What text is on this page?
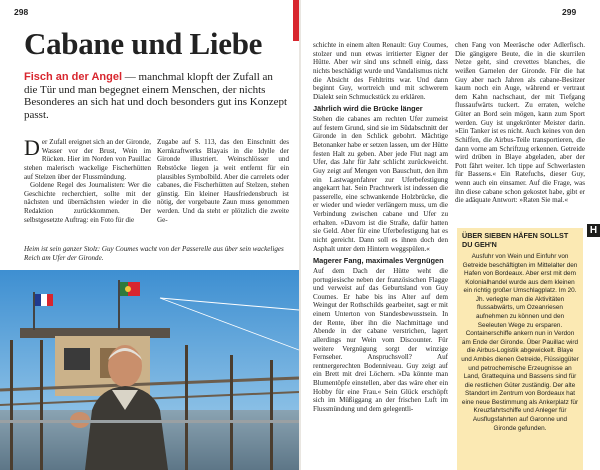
298
Cabane und Liebe

Fisch an der Angel — manchmal klopft der Zufall an die Tür und man begegnet einem Menschen, der nichts Besonderes an sich hat und doch besonders gut ins Konzept passt.

Der Zufall ereignet sich an der Gironde, Wasser vor der Brust, Wein im Rücken. Hier im Norden von Pauillac stehen malerisch wackelige Fischerhütten auf Stelzen über der Flussmündung.

Goldene Regel des Journalisten: Wer die Geschichte recherchiert, sollte mit der nächsten und übernächsten wieder in die Redaktion zurückkommen. Der selbstgesetzte Auftrag: ein Foto für die

Zugabe auf S. 113, das den Einschnitt des Kernkraftwerks Blayais in die Idylle der Gironde illustriert. Weinschlösser und Rebstöcke liegen ja weit entfernt für ein plausibles Symbolbild. Aber die carrelets oder cabanes, die Fischerhütten auf Stelzen, stehen günstig. Ein kleiner Hausfriedensbruch ist nötig, der vorgebaute Zaun muss genommen werden. Und da steht er plötzlich die zweite Ge-

Heim ist sein ganzer Stolz: Guy Coumes wacht von der Passerelle aus über sein wackeliges Reich am Ufer der Gironde.

299

schichte in einem alten Renault: Guy Coumes, stolzer und nun etwas irritierter Eigner der Hütte. Aber wir sind uns schnell einig, dass nichts beschädigt wurde und Vandalismus nicht die Absicht des Fehltritts war. Und dann beginnt Guy, wortreich und mit schwerem Dialekt sein Schmuckstück zu erklären.

Jährlich wird die Brücke länger

Stehen die cabanes am rechten Ufer zumeist auf festem Grund, sind sie im Südabschnitt der Gironde in den Schlick gebohrt. Mächtige Betonanker habe er setzen lassen, um der Hütte festen Halt zu geben. Aber jede Flut nagt am Ufer, das Jahr für Jahr schlicht zurückweicht. Guy zeigt auf Mengen von Bauschutt, den ihm ein Lastwagenfahrer zur Uferbefestigung angekarrt hat. Sein Prachtwerk ist indessen die passerelle, eine schwankende Holzbrücke, die er wieder und wieder verlängern muss, um die Verbindung zwischen cabane und Ufer zu erhalten. »Davorn ist die Straße, dafür hatten sie Geld. Aber für eine Uferbefestigung hat es nicht gereicht. Dann soll es ihnen doch den Asphalt unter dem Hintern weggspülen.«

Magerer Fang, maximales Vergnügen

Auf dem Dach der Hütte weht die portugiesische neben der französischen Flagge und verweist auf das Geburtsland von Guy Coumes. Er habe bis ins Alter auf dem Weingut der Rothschilds gearbeitet, sagt er mit einem Unterton von Standesbewusstsein. In der Rente, über ihn die Nachmittage und Abende in der cabane verstrichen, lagert allerdings nur Wein vom Discounter. Für weitere Vergnügung sorgt der winzige Fernseher. Anspruchsvoll? Auf rentnergerechten Bodenniveau. Guy zeigt auf ein Brett mit drei Löchern. »Da könnte man Blumentöpfe einstellen, aber das wäre eher ein Hobby für eine Frau.« Sein Glück erschöpft sich im Müßiggang an der frischen Luft im Flussmündung und dem gelegentli-

chen Fang von Meeräsche oder Adlerfisch. Die gängigere Beute, die in die skurrilen Netze geht, sind crevettes blanches, die weißen Garnelen der Gironde. Für die hat Guy aber nach Jahren als cabane-Besitzer kaum noch ein Auge, während er vertraut dem Kahn nachschaut, der mit Tiefgang flussaufwärts tuckert. Zu erraten, welche Güter an Bord sein mögen, kann zum Sport werden. Guy ist ungekrönter Meister darin. »Ein Tanker ist es nicht. Auch keines von den Schiffen, die Airbus-Teile transportieren, die dann vorne am Schriftzug erkennen. Getreide wird drüben in Blaye abgeladen, aber der Pott fährt weiter. Ich tippe auf Schwerlasten für Bassens.« Ein Ratefuchs, dieser Guy, wenn auch ein einsamer. Auf die Frage, was ihn diese cabane schon gekostet habe, gibt er die adäquate Antwort: »Raten Sie mal.«

H

ÜBER SIEBEN HÄFEN SOLLST DU GEH'N

Ausfuhr von Wein und Einfuhr von Getreide beschäftigten im Mittelalter den Hafen von Bordeaux. Aber erst mit dem Kolonialhandel wurde aus dem kleinen ein richtig großer Umschlagplatz. Im 20. Jh. verlegte man die Aktivitäten flussabwärts, um Ozeanriesen aufnehmen zu können und den Seeleuten Wege zu ersparen. Containerschiffe ankern nun in Verdon am Ende der Gironde. Über Pauillac wird die Airbus-Logistik abgewickelt. Blaye und Ambès dienen Getreide, Flüssiggüter und petrochemische Erzeugnisse an Land, Grattequina und Bassens sind für die restlichen Güter zuständig. Der alte Standort im Zentrum von Bordeaux hat eine neue Bestimmung als Ankerplatz für Kreuzfahrtschiffe und Anleger für Ausflugsfahrten auf Garonne und Gironde gefunden.
